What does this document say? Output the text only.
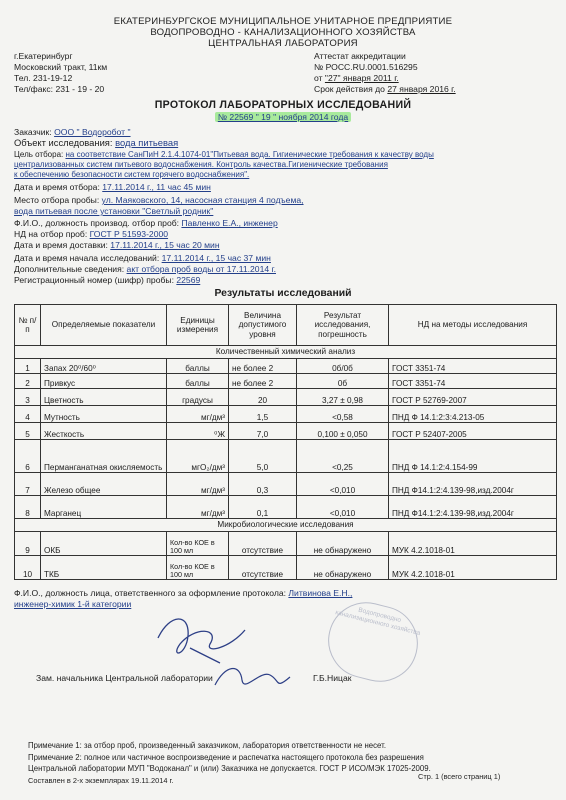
ЕКАТЕРИНБУРГСКОЕ МУНИЦИПАЛЬНОЕ УНИТАРНОЕ ПРЕДПРИЯТИЕ
ВОДОПРОВОДНО - КАНАЛИЗАЦИОННОГО ХОЗЯЙСТВА
ЦЕНТРАЛЬНАЯ ЛАБОРАТОРИЯ
г.Екатеринбург
Московский тракт, 11км
Тел. 231-19-12
Тел/факс: 231 - 19 - 20
Аттестат аккредитации
№ РОСС.RU.0001.516295
от "27" января 2011 г.
Срок действия до 27 января 2016 г.
ПРОТОКОЛ ЛАБОРАТОРНЫХ ИССЛЕДОВАНИЙ
№ 22569 " 19 " ноября 2014 года
Заказчик: ООО " Водоробот "
Объект исследования: вода питьевая
Цель отбора: на соответствие СанПиН 2.1.4.1074-01"Питьевая вода. Гигиенические требования к качеству воды
централизованных систем питьевого водоснабжения. Контроль качества.Гигиенические требования
к обеспечению безопасности систем горячего водоснабжения".
Дата и время отбора: 17.11.2014 г., 11 час 45 мин
Место отбора пробы: ул. Маяковского, 14, насосная станция 4 подъема,
вода питьевая после установки "Светлый родник"
Ф.И.О., должность производ. отбор проб: Павленко Е.А., инженер
НД на отбор проб: ГОСТ Р 51593-2000
Дата и время доставки: 17.11.2014 г., 15 час 20 мин
Дата и время начала исследований: 17.11.2014 г., 15 час 37 мин
Дополнительные сведения: акт отбора проб воды от 17.11.2014 г.
Регистрационный номер (шифр) пробы: 22569
Результаты исследований
№ п/п	Определяемые показатели	Единицы измерения	Величина допустимого уровня	Результат исследования, погрешность	НД на методы исследования
Количественный химический анализ					
1	Запах 20⁰/60⁰	баллы	не более 2	0б/0б	ГОСТ 3351-74
2	Привкус	баллы	не более 2	0б	ГОСТ 3351-74
3	Цветность	градусы	20	3,27 ± 0,98	ГОСТ Р 52769-2007
4	Мутность	мг/дм³	1,5	<0,58	ПНД Ф 14.1:2:3:4.213-05
5	Жесткость	⁰Ж	7,0	0,100 ± 0,050	ГОСТ Р 52407-2005
6	Перманганатная окисляемость	мгO₂/дм³	5,0	<0,25	ПНД Ф 14.1:2:4.154-99
7	Железо общее	мг/дм³	0,3	<0,010	ПНД Ф14.1:2:4.139-98,изд.2004г
8	Марганец	мг/дм³	0,1	<0,010	ПНД Ф14.1:2:4.139-98,изд.2004г
Микробиологические исследования					
9	ОКБ	Кол-во КОЕ в 100 мл	отсутствие	не обнаружено	МУК 4.2.1018-01
10	ТКБ	Кол-во КОЕ в 100 мл	отсутствие	не обнаружено	МУК 4.2.1018-01
Ф.И.О., должность лица, ответственного за оформление протокола: Литвинова Е.Н.,
инженер-химик 1-й категории
Водопроводно канализационного хозяйства
Зам. начальника Центральной лаборатории	Г.Б.Ницак
Примечание 1: за отбор проб, произведенный заказчиком, лаборатория ответственности не несет.
Примечание 2: полное или частичное воспроизведение и распечатка настоящего протокола без разрешения
Центральной лаборатории МУП "Водоканал" и (или) Заказчика не допускается. ГОСТ Р ИСО/МЭК 17025-2009.
Составлен в 2-х экземплярах 19.11.2014 г.	Стр. 1 (всего страниц 1)
